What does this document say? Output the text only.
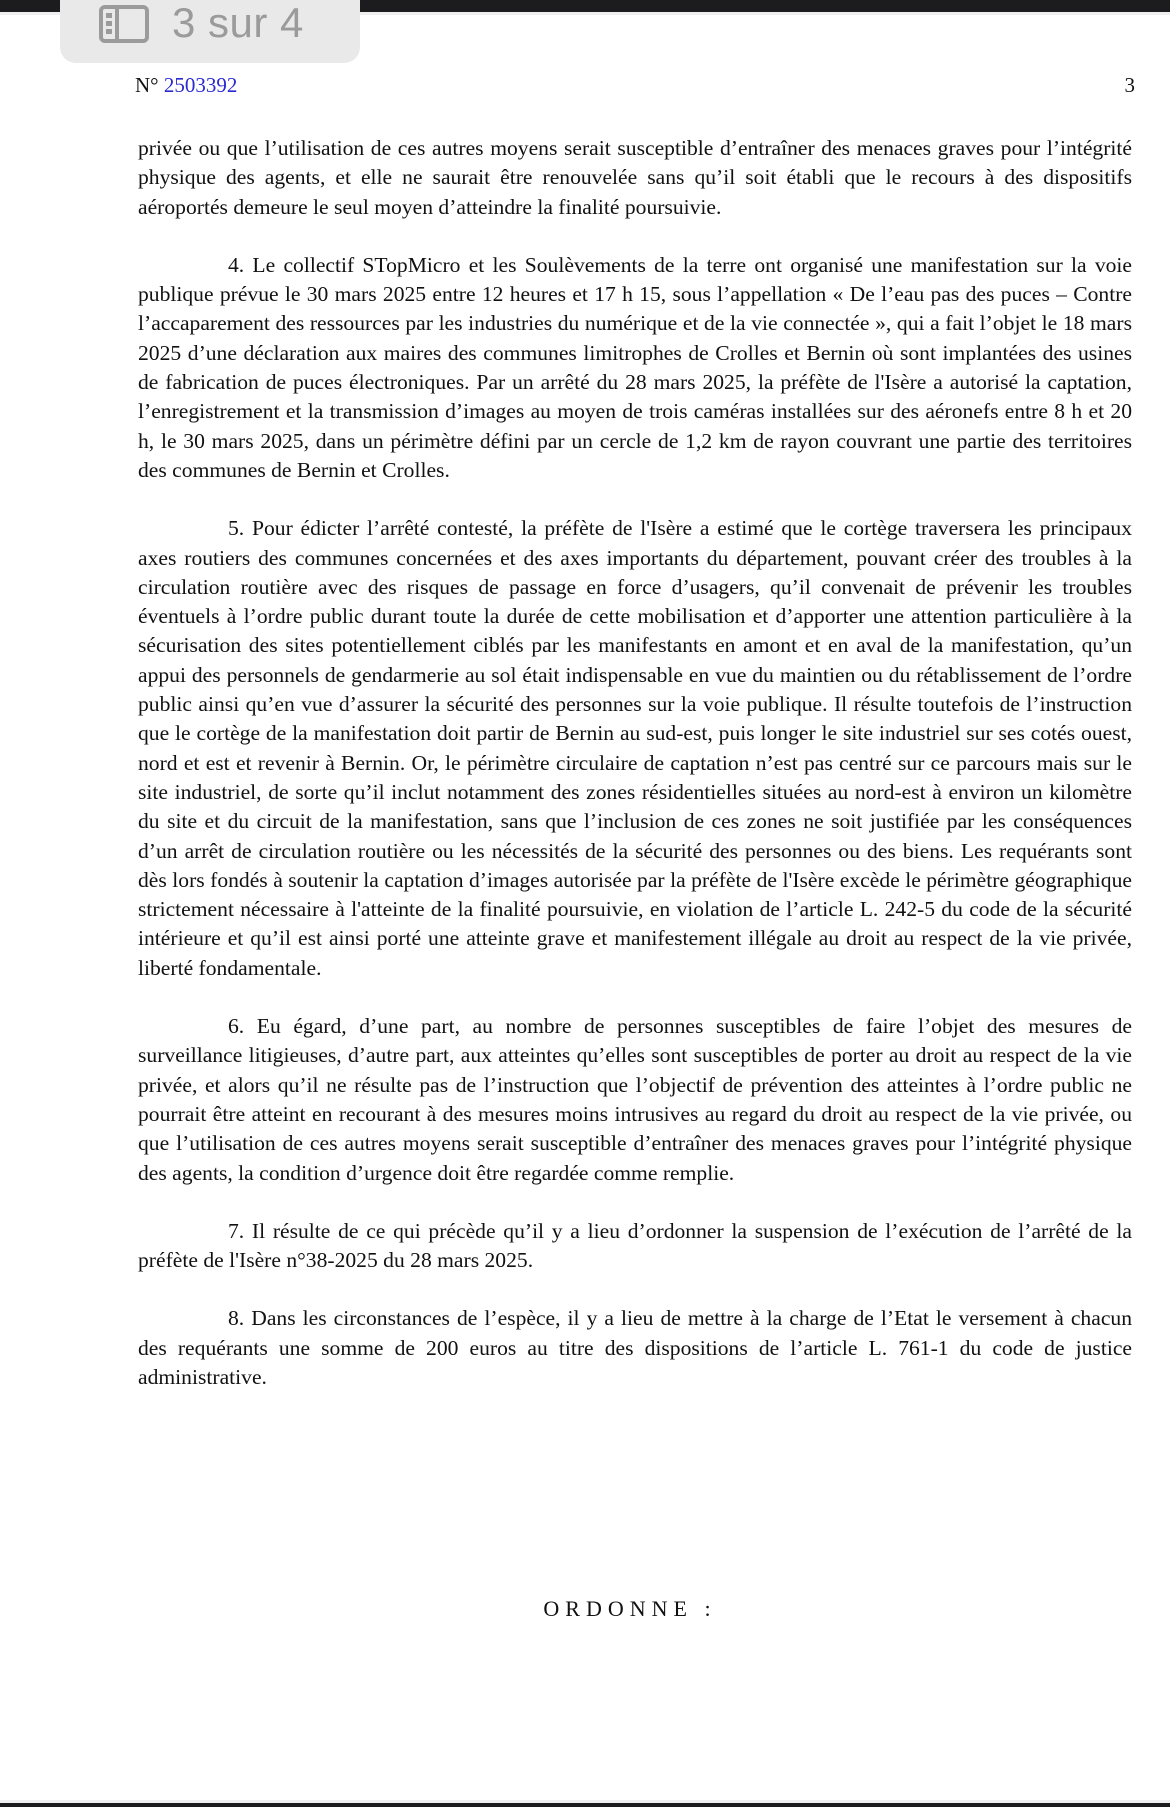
3 sur 4
N° 2503392	3

privée ou que l’utilisation de ces autres moyens serait susceptible d’entraîner des menaces graves pour l’intégrité physique des agents, et elle ne saurait être renouvelée sans qu’il soit établi que le recours à des dispositifs aéroportés demeure le seul moyen d’atteindre la finalité poursuivie.

4. Le collectif STopMicro et les Soulèvements de la terre ont organisé une manifestation sur la voie publique prévue le 30 mars 2025 entre 12 heures et 17 h 15, sous l’appellation « De l’eau pas des puces – Contre l’accaparement des ressources par les industries du numérique et de la vie connectée », qui a fait l’objet le 18 mars 2025 d’une déclaration aux maires des communes limitrophes de Crolles et Bernin où sont implantées des usines de fabrication de puces électroniques. Par un arrêté du 28 mars 2025, la préfète de l'Isère a autorisé la captation, l’enregistrement et la transmission d’images au moyen de trois caméras installées sur des aéronefs entre 8 h et 20 h, le 30 mars 2025, dans un périmètre défini par un cercle de 1,2 km de rayon couvrant une partie des territoires des communes de Bernin et Crolles.

5. Pour édicter l’arrêté contesté, la préfète de l'Isère a estimé que le cortège traversera les principaux axes routiers des communes concernées et des axes importants du département, pouvant créer des troubles à la circulation routière avec des risques de passage en force d’usagers, qu’il convenait de prévenir les troubles éventuels à l’ordre public durant toute la durée de cette mobilisation et d’apporter une attention particulière à la sécurisation des sites potentiellement ciblés par les manifestants en amont et en aval de la manifestation, qu’un appui des personnels de gendarmerie au sol était indispensable en vue du maintien ou du rétablissement de l’ordre public ainsi qu’en vue d’assurer la sécurité des personnes sur la voie publique. Il résulte toutefois de l’instruction que le cortège de la manifestation doit partir de Bernin au sud-est, puis longer le site industriel sur ses cotés ouest, nord et est et revenir à Bernin. Or, le périmètre circulaire de captation n’est pas centré sur ce parcours mais sur le site industriel, de sorte qu’il inclut notamment des zones résidentielles situées au nord-est à environ un kilomètre du site et du circuit de la manifestation, sans que l’inclusion de ces zones ne soit justifiée par les conséquences d’un arrêt de circulation routière ou les nécessités de la sécurité des personnes ou des biens. Les requérants sont dès lors fondés à soutenir la captation d’images autorisée par la préfète de l'Isère excède le périmètre géographique strictement nécessaire à l'atteinte de la finalité poursuivie, en violation de l’article L. 242-5 du code de la sécurité intérieure et qu’il est ainsi porté une atteinte grave et manifestement illégale au droit au respect de la vie privée, liberté fondamentale.

6. Eu égard, d’une part, au nombre de personnes susceptibles de faire l’objet des mesures de surveillance litigieuses, d’autre part, aux atteintes qu’elles sont susceptibles de porter au droit au respect de la vie privée, et alors qu’il ne résulte pas de l’instruction que l’objectif de prévention des atteintes à l’ordre public ne pourrait être atteint en recourant à des mesures moins intrusives au regard du droit au respect de la vie privée, ou que l’utilisation de ces autres moyens serait susceptible d’entraîner des menaces graves pour l’intégrité physique des agents, la condition d’urgence doit être regardée comme remplie.

7. Il résulte de ce qui précède qu’il y a lieu d’ordonner la suspension de l’exécution de l’arrêté de la préfète de l'Isère n°38-2025 du 28 mars 2025.

8. Dans les circonstances de l’espèce, il y a lieu de mettre à la charge de l’Etat le versement à chacun des requérants une somme de 200 euros au titre des dispositions de l’article L. 761-1 du code de justice administrative.

ORDONNE :
